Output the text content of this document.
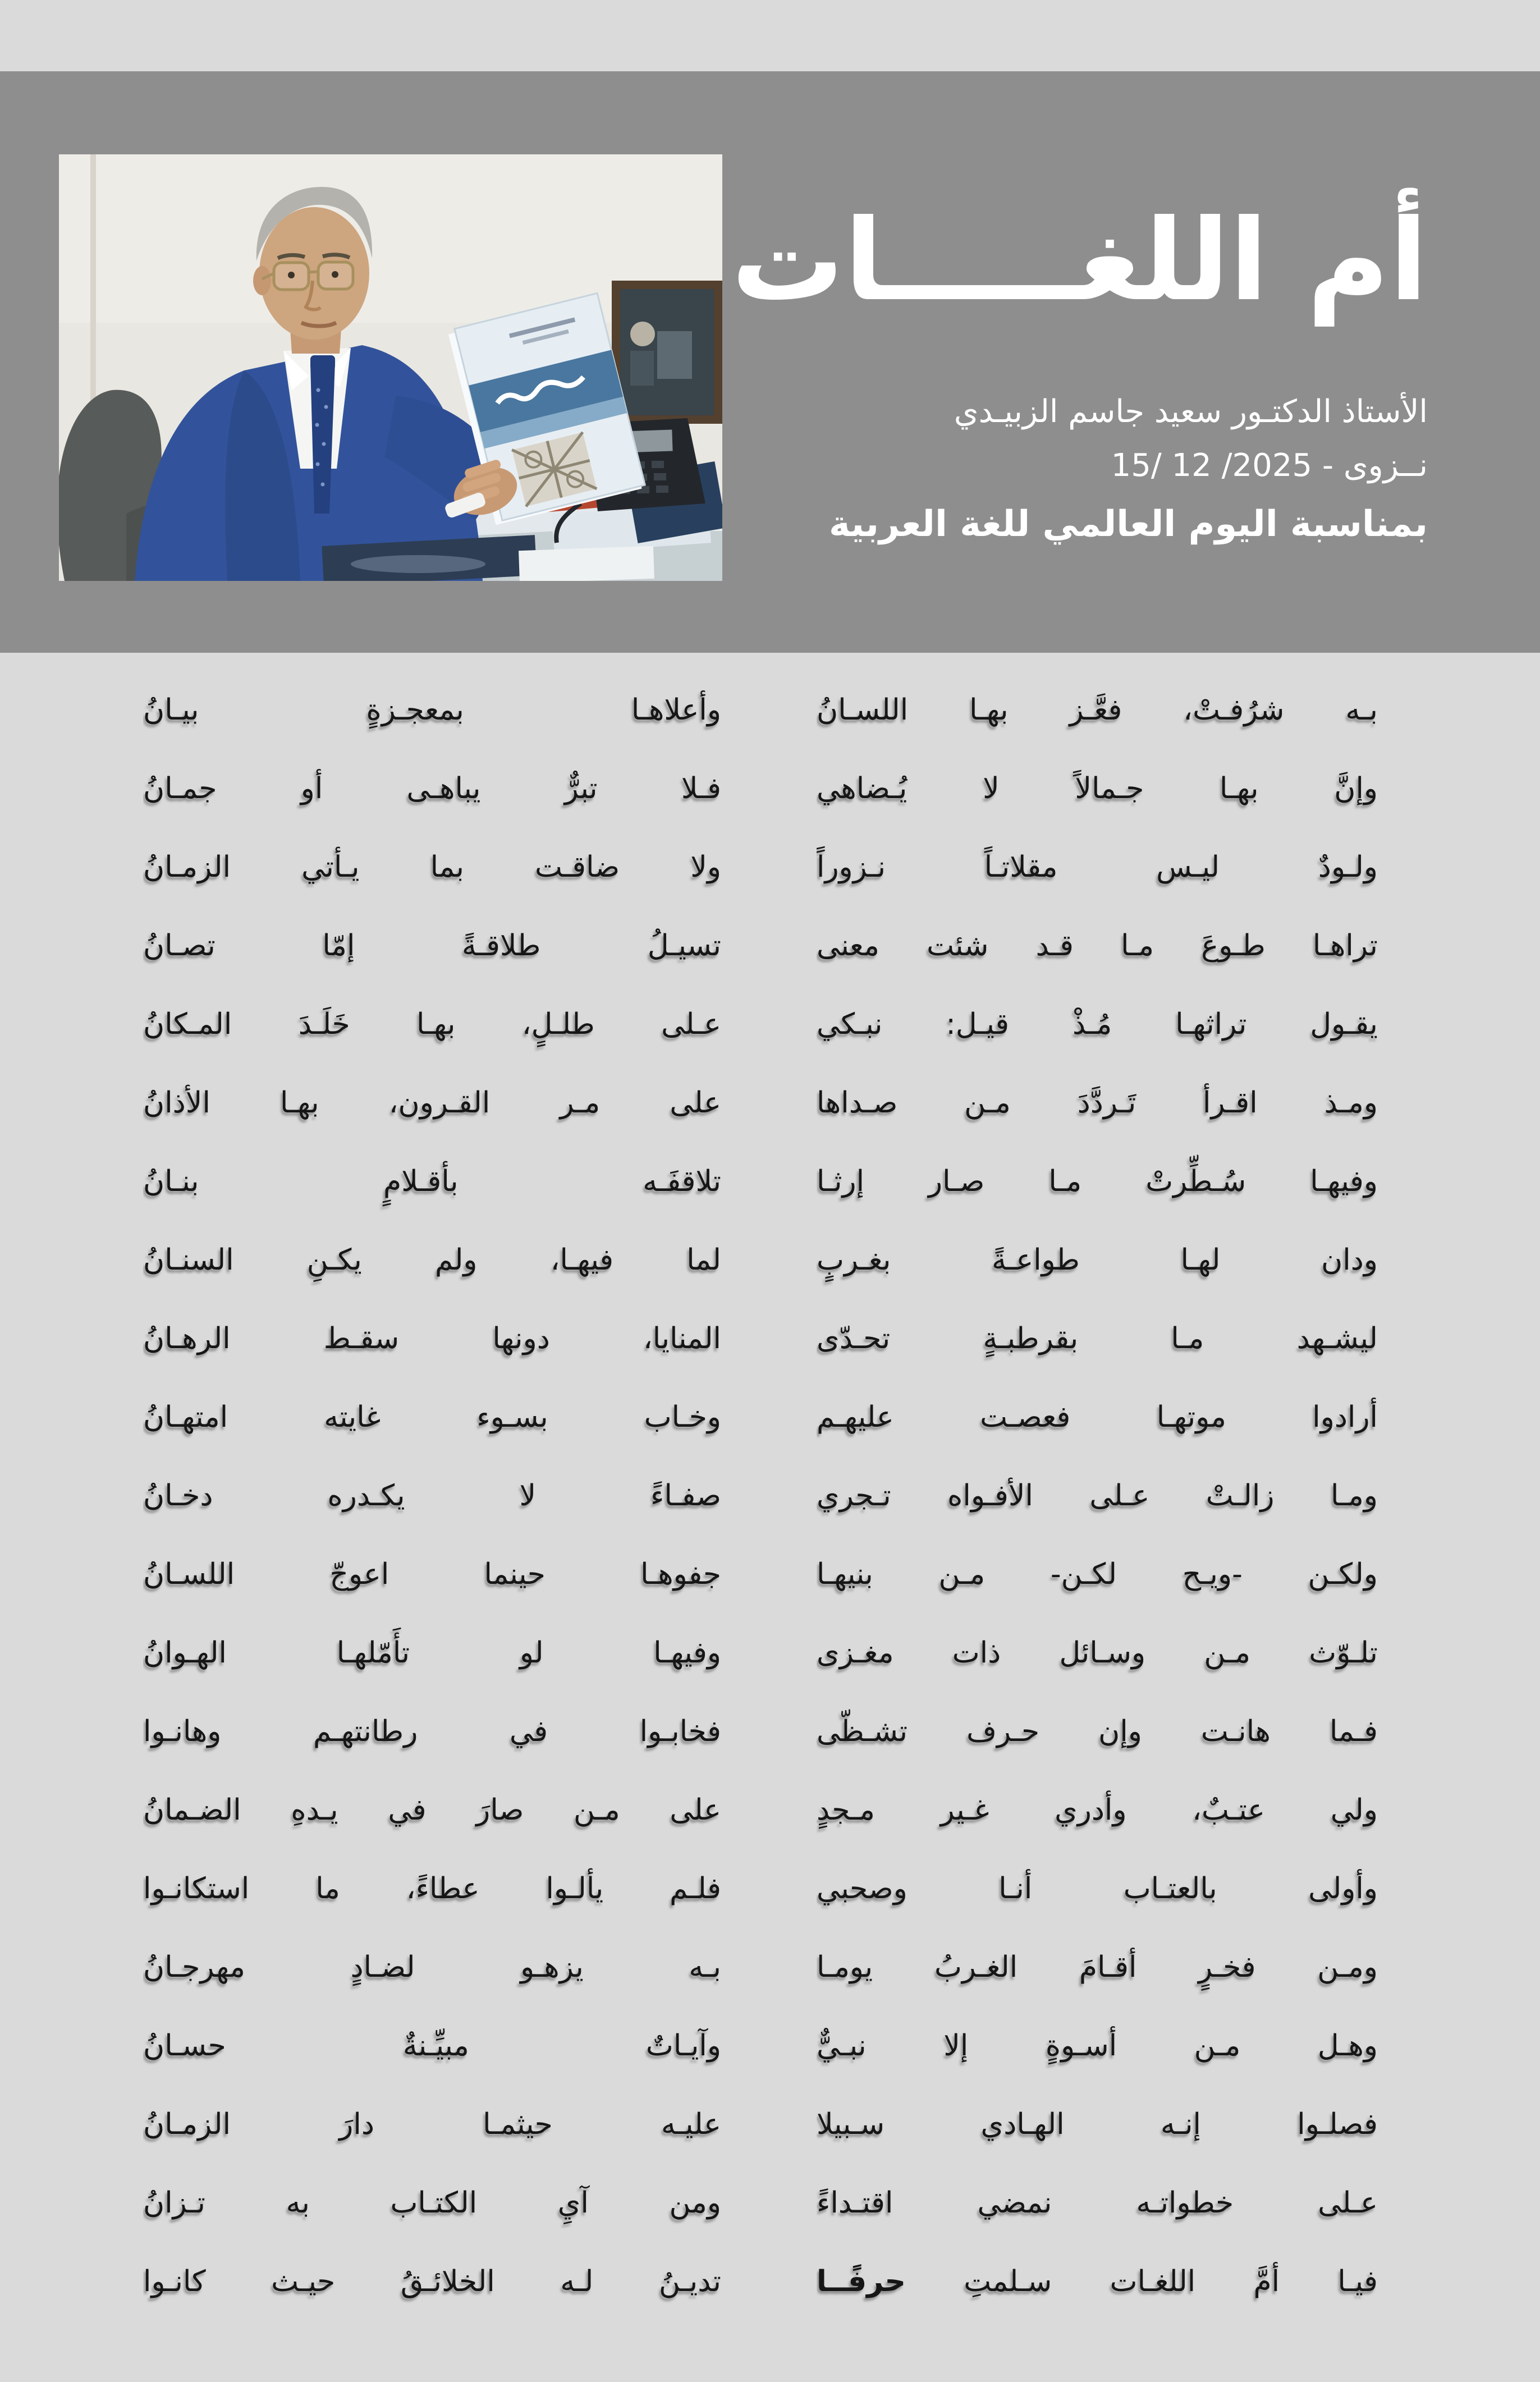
أم اللغـــــات
الأستاذ الدكتـور سعيد جاسم الزبيـدي
نــزوى - 15/ 12 /2025
بمناسبة اليوم العالمي للغة العربية
بـه شرُفـتْ، فعَّـز بهـا اللسـانُ
وإنَّ بهـا جـمالاً لا يُـضاهي
ولـودٌ ليـس مقلاتـاً نـزوراً
تراهـا طـوعَ مـا قـد شئت معنى
يقـول تراثهـا مُـذْ قيـل: نبـكي
ومـذ اقـرأ تَـردَّدَ مـن صـداها
وفيهـا سُـطِّرتْ مـا صـار إرثـا
ودان لهـا طواعـةً بغـربٍ
ليشـهد مـا بقرطبـةٍ تحـدّى
أرادوا موتهـا فعصـت عليهـم
ومـا زالـتْ عـلى الأفـواه تـجري
ولكـن -ويـح لكـن- مـن بنيهـا
تلـوّث مـن وسـائل ذات مغـزى
فـما هانـت وإن حـرف تشـظّى
ولي عتـبٌ، وأدري غـير مـجدٍ
وأولى بالعتـاب أنـا وصحبي
ومـن فخـرٍ أقـامَ الغـربُ يومـا
وهـل مـن أسـوةٍ إلا نبـيٌّ
فصلـوا إنـه الهـادي سـبيلا
عـلى خطواتـه نمضي اقتـداءً
فيـا أمَّ اللغـات سـلمتِ حرفًــا
وأعلاهـا بمعجـزةٍ بيـانُ
فـلا تبرٌّ يباهـى أو جمـانُ
ولا ضاقـت بما يـأتي الزمـانُ
تسيـلُ طلاقـةً إمّا تصـانُ
عـلى طلـلٍ، بهـا خَلَـدَ المـكانُ
على مـر القـرون، بهـا الأذانُ
تلاقفَـه بأقـلامٍ بنـانُ
لما فيهـا، ولم يكـنِ السنـانُ
المنايا، دونها سقـط الرهـانُ
وخـاب بسـوء غايته امتهـانُ
صفـاءً لا يكـدره دخـانُ
جفوهـا حينما اعوجّ اللسـانُ
وفيهـا لو تأَمّلهـا الهـوانُ
فخابـوا في رطانتهـم وهانـوا
على مـن صارَ في يـدهِ الضـمانُ
فلـم يألـوا عطاءً، ما استكانـوا
بـه يزهـو لضـادٍ مهرجـانُ
وآيـاتٌ مبيِّـنةٌ حسـانُ
عليـه حيثمـا دارَ الزمـانُ
ومن آيِ الكتـاب به تـزانُ
تديـنُ لـه الخلائـقُ حيـث كانـوا
